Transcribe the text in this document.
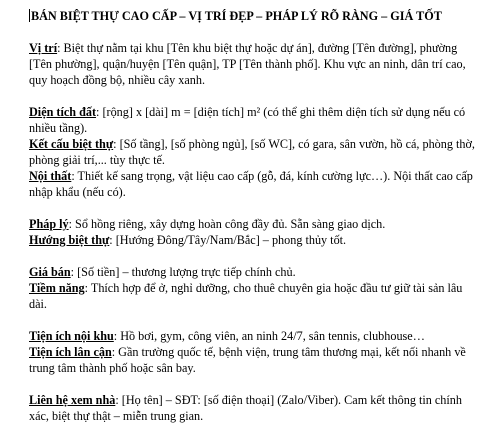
BÁN BIỆT THỰ CAO CẤP – VỊ TRÍ ĐẸP – PHÁP LÝ RÕ RÀNG – GIÁ TỐT

Vị trí: Biệt thự nằm tại khu [Tên khu biệt thự hoặc dự án], đường [Tên đường], phường [Tên phường], quận/huyện [Tên quận], TP [Tên thành phố]. Khu vực an ninh, dân trí cao, quy hoạch đồng bộ, nhiều cây xanh.

Diện tích đất: [rộng] x [dài] m = [diện tích] m² (có thể ghi thêm diện tích sử dụng nếu có nhiều tầng).

Kết cấu biệt thự: [Số tầng], [số phòng ngủ], [số WC], có gara, sân vườn, hồ cá, phòng thờ, phòng giải trí,... tùy thực tế.

Nội thất: Thiết kế sang trọng, vật liệu cao cấp (gỗ, đá, kính cường lực…). Nội thất cao cấp nhập khẩu (nếu có).

Pháp lý: Sổ hồng riêng, xây dựng hoàn công đầy đủ. Sẵn sàng giao dịch.

Hướng biệt thự: [Hướng Đông/Tây/Nam/Bắc] – phong thủy tốt.

Giá bán: [Số tiền] – thương lượng trực tiếp chính chủ.

Tiềm năng: Thích hợp để ở, nghỉ dưỡng, cho thuê chuyên gia hoặc đầu tư giữ tài sản lâu dài.

Tiện ích nội khu: Hồ bơi, gym, công viên, an ninh 24/7, sân tennis, clubhouse…

Tiện ích lân cận: Gần trường quốc tế, bệnh viện, trung tâm thương mại, kết nối nhanh về trung tâm thành phố hoặc sân bay.

Liên hệ xem nhà: [Họ tên] – SĐT: [số điện thoại] (Zalo/Viber). Cam kết thông tin chính xác, biệt thự thật – miễn trung gian.
